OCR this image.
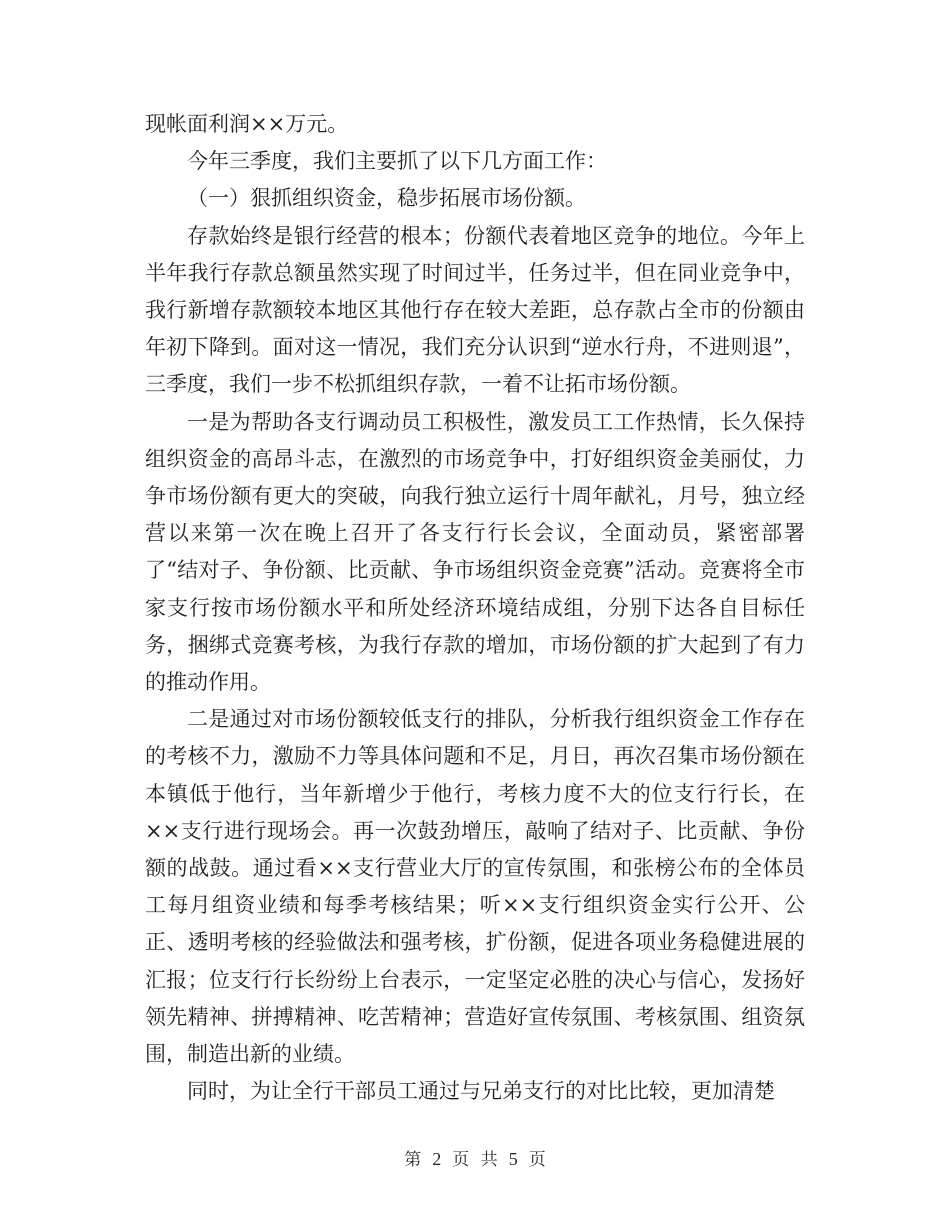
现帐面利润××万元。

今年三季度，我们主要抓了以下几方面工作：

（一）狠抓组织资金，稳步拓展市场份额。

存款始终是银行经营的根本；份额代表着地区竞争的地位。今年上半年我行存款总额虽然实现了时间过半，任务过半，但在同业竞争中，我行新增存款额较本地区其他行存在较大差距，总存款占全市的份额由年初下降到。面对这一情况，我们充分认识到“逆水行舟，不进则退”，三季度，我们一步不松抓组织存款，一着不让拓市场份额。

一是为帮助各支行调动员工积极性，激发员工工作热情，长久保持组织资金的高昂斗志，在激烈的市场竞争中，打好组织资金美丽仗，力争市场份额有更大的突破，向我行独立运行十周年献礼，月号，独立经营以来第一次在晚上召开了各支行行长会议，全面动员，紧密部署了“结对子、争份额、比贡献、争市场组织资金竞赛”活动。竞赛将全市家支行按市场份额水平和所处经济环境结成组，分别下达各自目标任务，捆绑式竞赛考核，为我行存款的增加，市场份额的扩大起到了有力的推动作用。

二是通过对市场份额较低支行的排队，分析我行组织资金工作存在的考核不力，激励不力等具体问题和不足，月日，再次召集市场份额在本镇低于他行，当年新增少于他行，考核力度不大的位支行行长，在××支行进行现场会。再一次鼓劲增压，敲响了结对子、比贡献、争份额的战鼓。通过看××支行营业大厅的宣传氛围，和张榜公布的全体员工每月组资业绩和每季考核结果；听××支行组织资金实行公开、公正、透明考核的经验做法和强考核，扩份额，促进各项业务稳健进展的汇报；位支行行长纷纷上台表示，一定坚定必胜的决心与信心，发扬好领先精神、拼搏精神、吃苦精神；营造好宣传氛围、考核氛围、组资氛围，制造出新的业绩。

同时，为让全行干部员工通过与兄弟支行的对比比较，更加清楚

第 2 页 共 5 页
